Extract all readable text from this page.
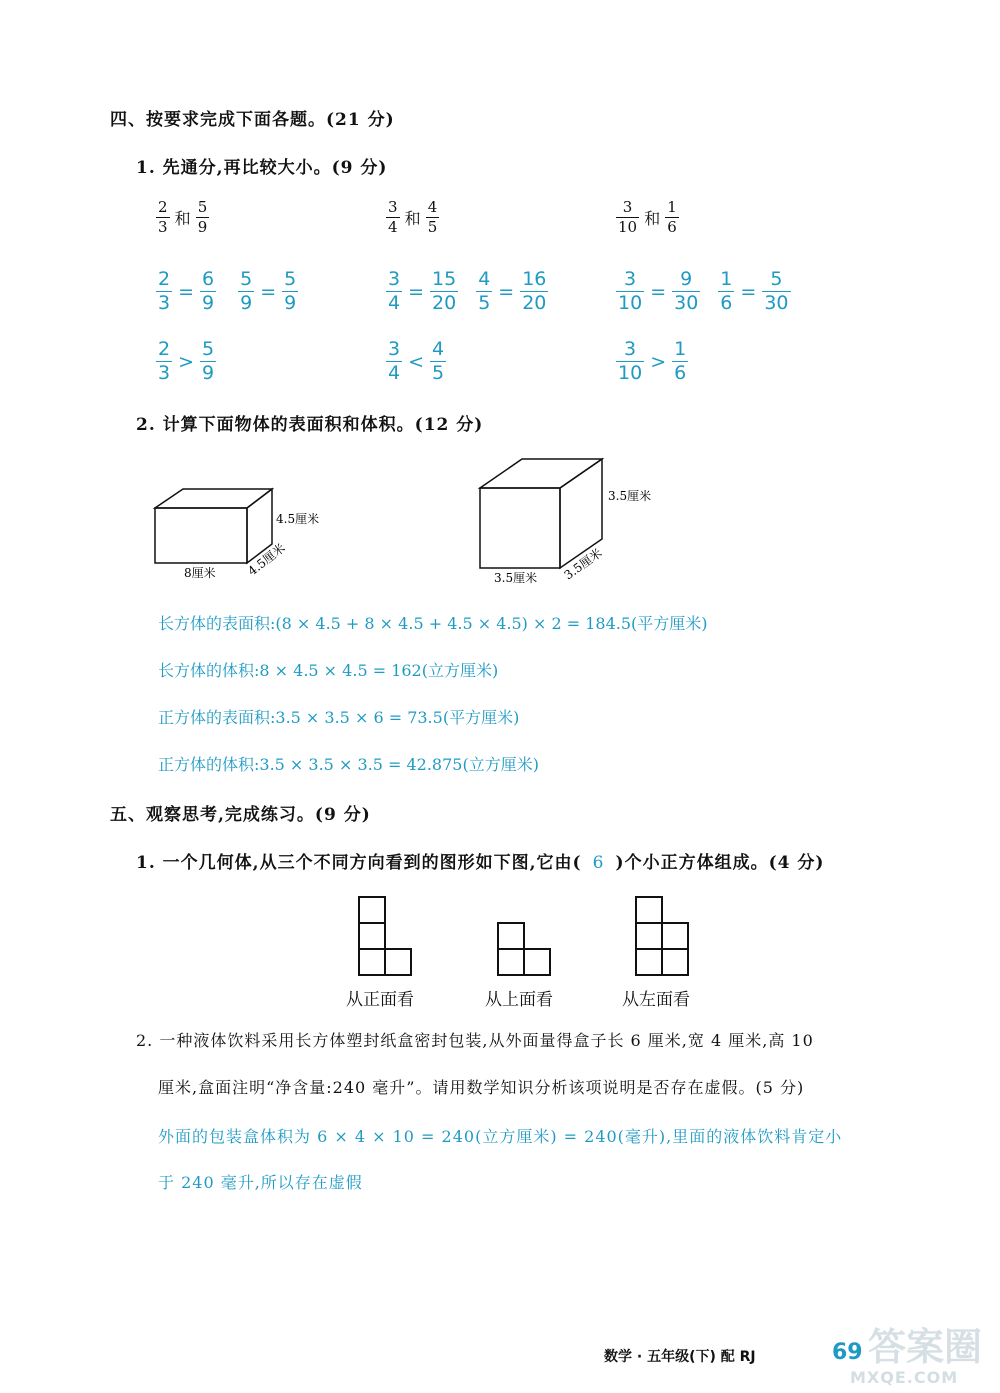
四、按要求完成下面各题。(21 分)
1. 先通分,再比较大小。(9 分)
$\frac{2}{3}$ 和 $\frac{5}{9}$	$\frac{3}{4}$ 和 $\frac{4}{5}$	$\frac{3}{10}$ 和 $\frac{1}{6}$
$\frac{2}{3} = \frac{6}{9} \frac{5}{9} = \frac{5}{9}$	$\frac{3}{4} = \frac{15}{20} \frac{4}{5} = \frac{16}{20}$	$\frac{3}{10} = \frac{9}{30} \frac{1}{6} = \frac{5}{30}$
$\frac{2}{3} > \frac{5}{9}$	$\frac{3}{4} < \frac{4}{5}$	$\frac{3}{10} > \frac{1}{6}$
2. 计算下面物体的表面积和体积。(12 分)
4.5厘米
4.5厘米
8厘米
3.5厘米
3.5厘米
3.5厘米
长方体的表面积:(8 × 4.5 + 8 × 4.5 + 4.5 × 4.5) × 2 = 184.5(平方厘米)
长方体的体积:8 × 4.5 × 4.5 = 162(立方厘米)
正方体的表面积:3.5 × 3.5 × 6 = 73.5(平方厘米)
正方体的体积:3.5 × 3.5 × 3.5 = 42.875(立方厘米)
五、观察思考,完成练习。(9 分)
1. 一个几何体,从三个不同方向看到的图形如下图,它由( 6 )个小正方体组成。(4 分)
从正面看	从上面看	从左面看
2. 一种液体饮料采用长方体塑封纸盒密封包装,从外面量得盒子长 6 厘米,宽 4 厘米,高 10
厘米,盒面注明“净含量:240 毫升”。请用数学知识分析该项说明是否存在虚假。(5 分)
外面的包装盒体积为 6 × 4 × 10 = 240(立方厘米) = 240(毫升),里面的液体饮料肯定小
于 240 毫升,所以存在虚假
数学 · 五年级(下) 配 RJ	69 答案圈
MXQE.COM
